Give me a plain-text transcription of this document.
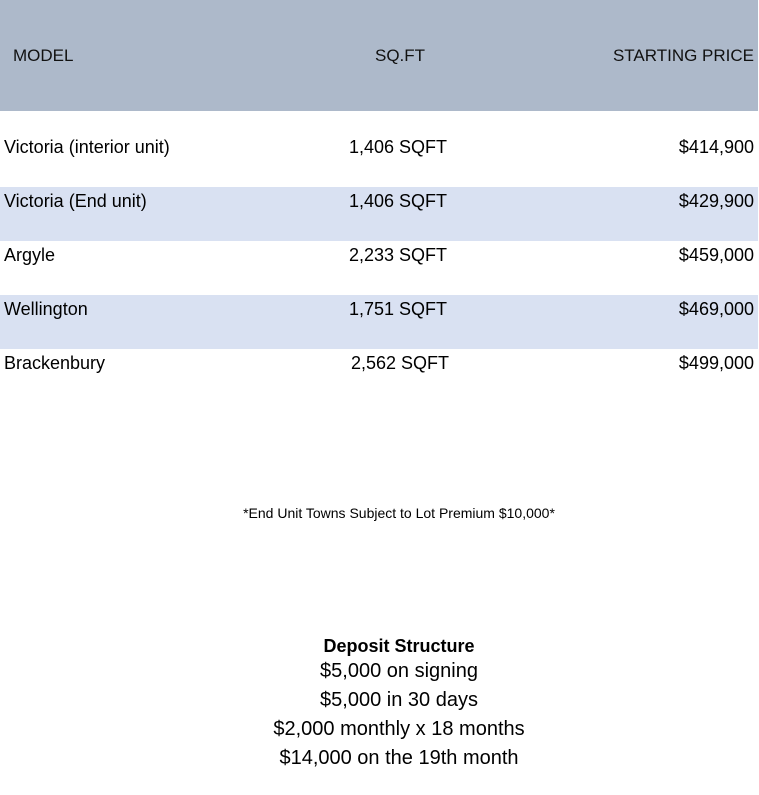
MODEL	SQ.FT	STARTING PRICE
Victoria (interior unit)	1,406 SQFT	$414,900
Victoria (End unit)	1,406 SQFT	$429,900
Argyle	2,233 SQFT	$459,000
Wellington	1,751 SQFT	$469,000
Brackenbury	2,562 SQFT	$499,000
*End Unit Towns Subject to Lot Premium $10,000*
Deposit Structure
$5,000 on signing
$5,000 in 30 days
$2,000 monthly x 18 months
$14,000 on the 19th month
